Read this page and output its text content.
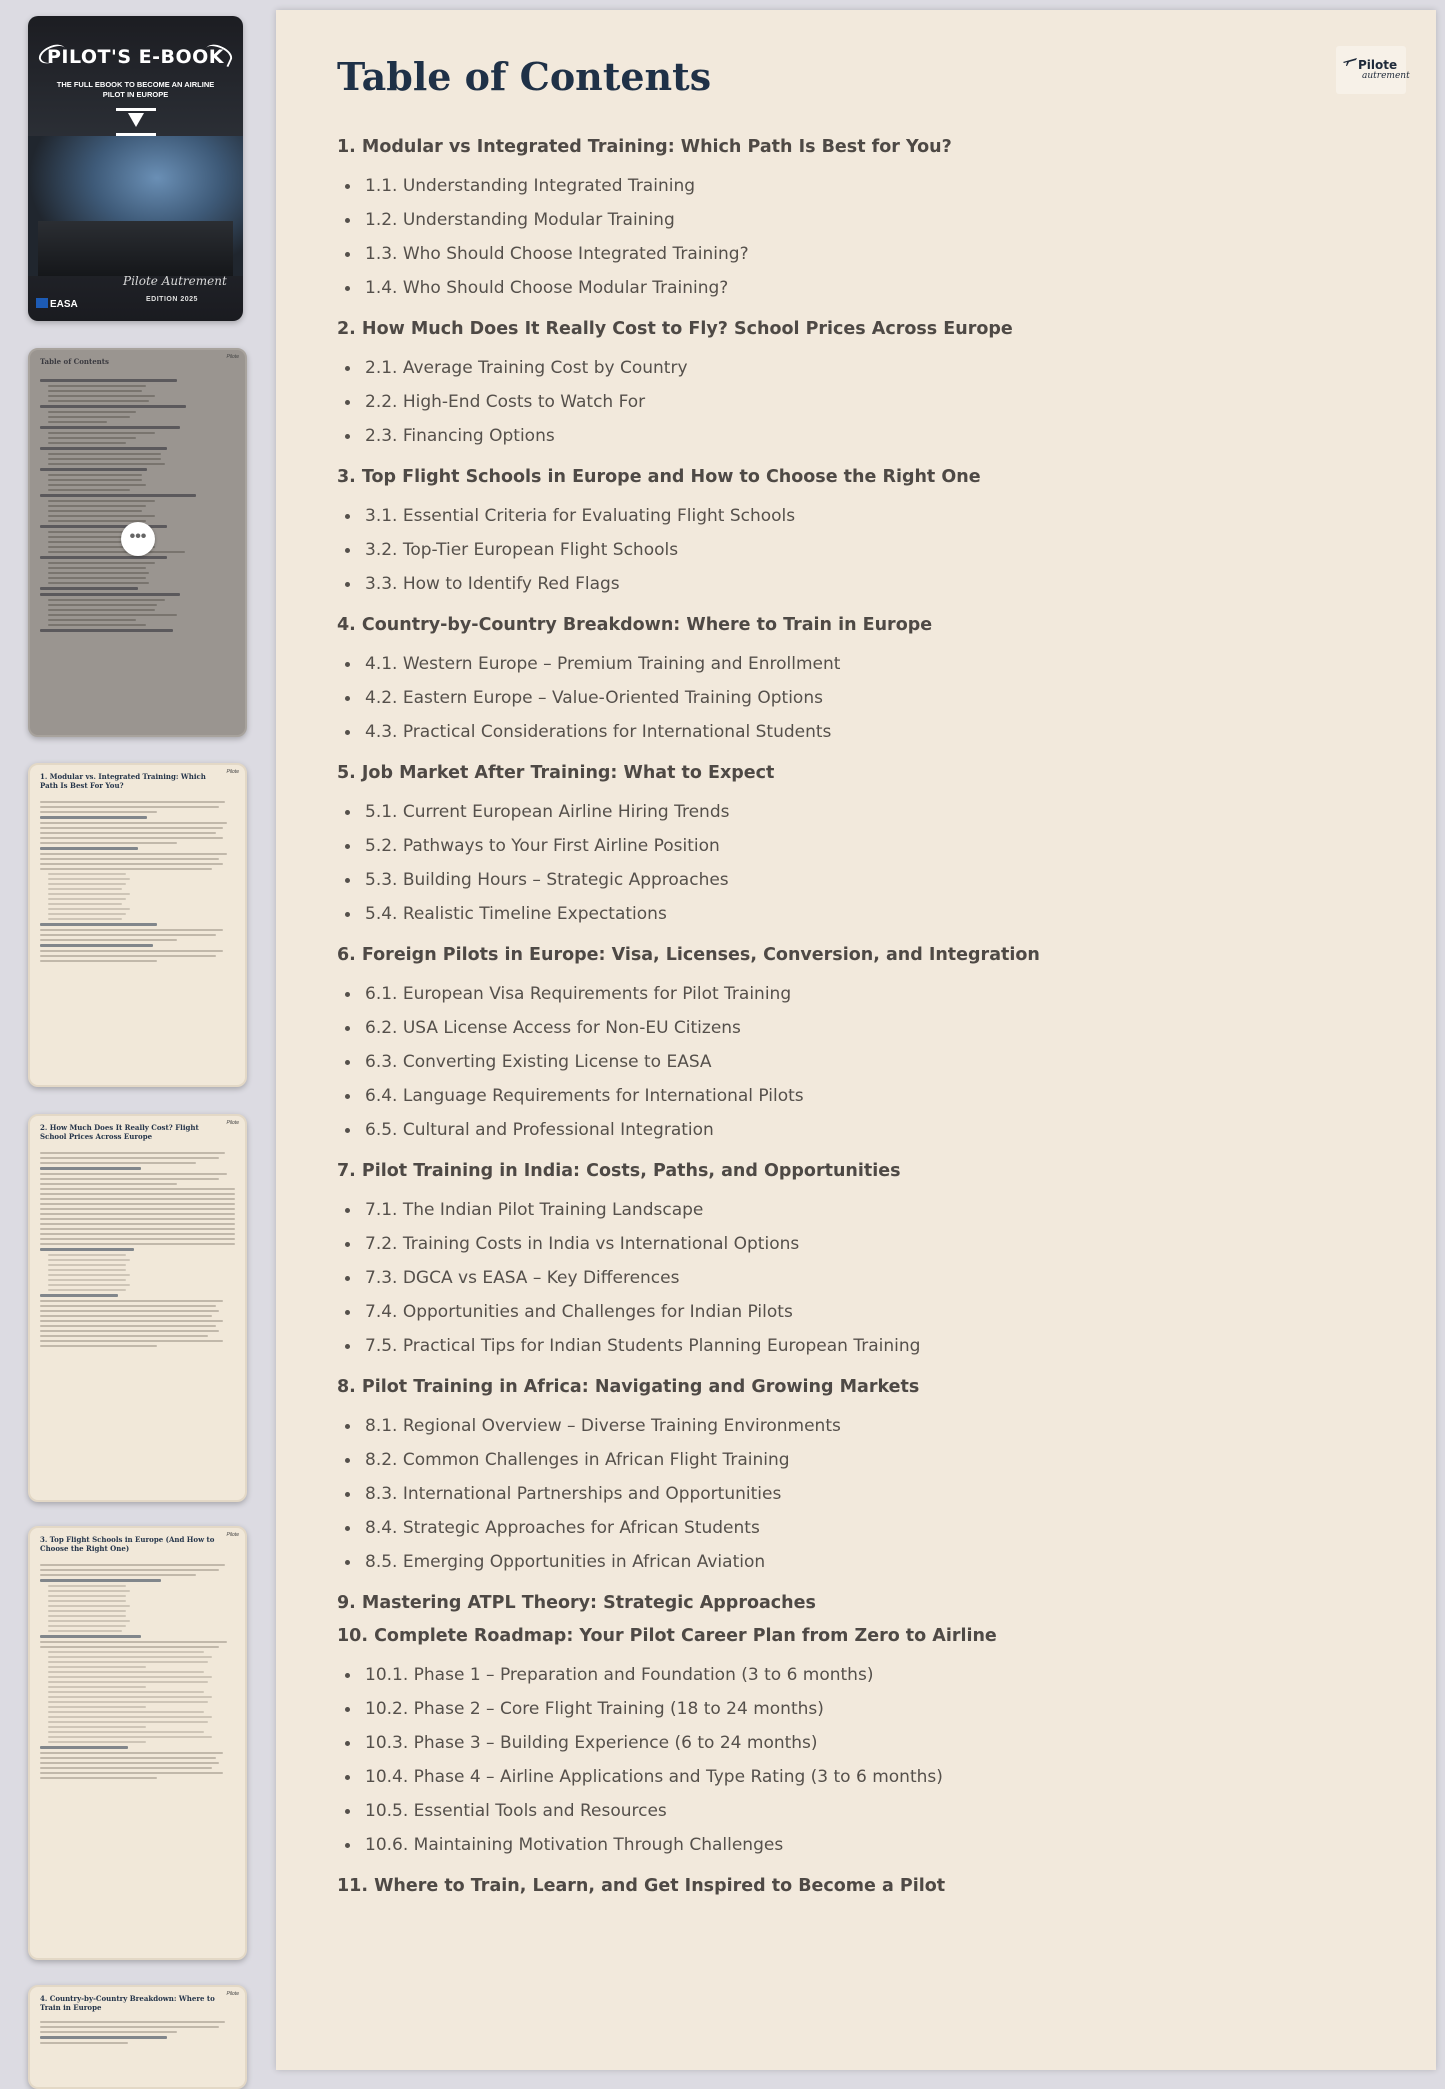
PILOT'S E-BOOK
THE FULL EBOOK TO BECOME AN AIRLINE PILOT IN EUROPE
Pilote Autrement
EDITION 2025
EASA
Table of Contents	Pilote
•••
1. Modular vs. Integrated Training: Which Path Is Best For You?
Pilote
2. How Much Does It Really Cost? Flight School Prices Across Europe
Pilote
3. Top Flight Schools in Europe (And How to Choose the Right One)
Pilote
4. Country-by-Country Breakdown: Where to Train in Europe
Pilote
Pilote
autrement
Table of Contents
1. Modular vs Integrated Training: Which Path Is Best for You?
1.1. Understanding Integrated Training
1.2. Understanding Modular Training
1.3. Who Should Choose Integrated Training?
1.4. Who Should Choose Modular Training?
2. How Much Does It Really Cost to Fly? School Prices Across Europe
2.1. Average Training Cost by Country
2.2. High-End Costs to Watch For
2.3. Financing Options
3. Top Flight Schools in Europe and How to Choose the Right One
3.1. Essential Criteria for Evaluating Flight Schools
3.2. Top-Tier European Flight Schools
3.3. How to Identify Red Flags
4. Country-by-Country Breakdown: Where to Train in Europe
4.1. Western Europe – Premium Training and Enrollment
4.2. Eastern Europe – Value-Oriented Training Options
4.3. Practical Considerations for International Students
5. Job Market After Training: What to Expect
5.1. Current European Airline Hiring Trends
5.2. Pathways to Your First Airline Position
5.3. Building Hours – Strategic Approaches
5.4. Realistic Timeline Expectations
6. Foreign Pilots in Europe: Visa, Licenses, Conversion, and Integration
6.1. European Visa Requirements for Pilot Training
6.2. USA License Access for Non-EU Citizens
6.3. Converting Existing License to EASA
6.4. Language Requirements for International Pilots
6.5. Cultural and Professional Integration
7. Pilot Training in India: Costs, Paths, and Opportunities
7.1. The Indian Pilot Training Landscape
7.2. Training Costs in India vs International Options
7.3. DGCA vs EASA – Key Differences
7.4. Opportunities and Challenges for Indian Pilots
7.5. Practical Tips for Indian Students Planning European Training
8. Pilot Training in Africa: Navigating and Growing Markets
8.1. Regional Overview – Diverse Training Environments
8.2. Common Challenges in African Flight Training
8.3. International Partnerships and Opportunities
8.4. Strategic Approaches for African Students
8.5. Emerging Opportunities in African Aviation
9. Mastering ATPL Theory: Strategic Approaches
10. Complete Roadmap: Your Pilot Career Plan from Zero to Airline
10.1. Phase 1 – Preparation and Foundation (3 to 6 months)
10.2. Phase 2 – Core Flight Training (18 to 24 months)
10.3. Phase 3 – Building Experience (6 to 24 months)
10.4. Phase 4 – Airline Applications and Type Rating (3 to 6 months)
10.5. Essential Tools and Resources
10.6. Maintaining Motivation Through Challenges
11. Where to Train, Learn, and Get Inspired to Become a Pilot
